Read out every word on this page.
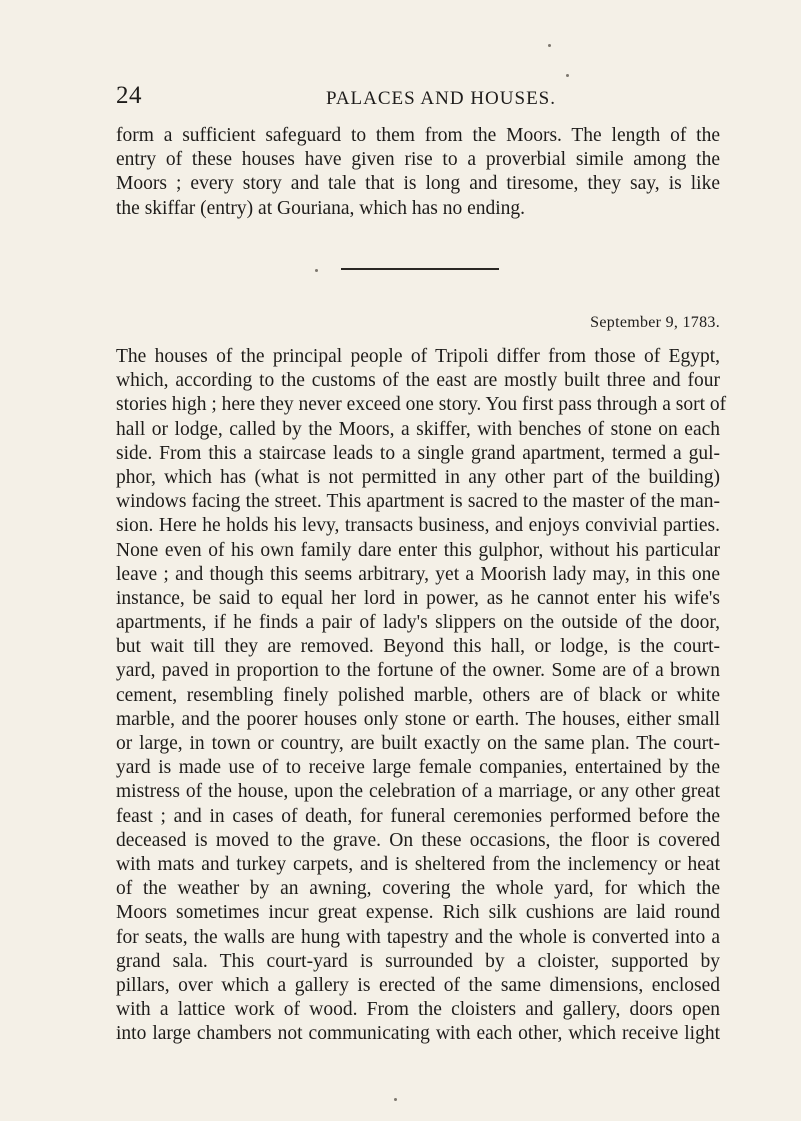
24	PALACES AND HOUSES.
form a sufficient safeguard to them from the Moors. The length of the
entry of these houses have given rise to a proverbial simile among the
Moors ; every story and tale that is long and tiresome, they say, is like
the skiffar (entry) at Gouriana, which has no ending.
September 9, 1783.
The houses of the principal people of Tripoli differ from those of Egypt,
which, according to the customs of the east are mostly built three and four
stories high ; here they never exceed one story. You first pass through a sort of
hall or lodge, called by the Moors, a skiffer, with benches of stone on each
side. From this a staircase leads to a single grand apartment, termed a gul-
phor, which has (what is not permitted in any other part of the building)
windows facing the street. This apartment is sacred to the master of the man-
sion. Here he holds his levy, transacts business, and enjoys convivial parties.
None even of his own family dare enter this gulphor, without his particular
leave ; and though this seems arbitrary, yet a Moorish lady may, in this one
instance, be said to equal her lord in power, as he cannot enter his wife's
apartments, if he finds a pair of lady's slippers on the outside of the door,
but wait till they are removed. Beyond this hall, or lodge, is the court-
yard, paved in proportion to the fortune of the owner. Some are of a brown
cement, resembling finely polished marble, others are of black or white
marble, and the poorer houses only stone or earth. The houses, either small
or large, in town or country, are built exactly on the same plan. The court-
yard is made use of to receive large female companies, entertained by the
mistress of the house, upon the celebration of a marriage, or any other great
feast ; and in cases of death, for funeral ceremonies performed before the
deceased is moved to the grave. On these occasions, the floor is covered
with mats and turkey carpets, and is sheltered from the inclemency or heat
of the weather by an awning, covering the whole yard, for which the
Moors sometimes incur great expense. Rich silk cushions are laid round
for seats, the walls are hung with tapestry and the whole is converted into a
grand sala. This court-yard is surrounded by a cloister, supported by
pillars, over which a gallery is erected of the same dimensions, enclosed
with a lattice work of wood. From the cloisters and gallery, doors open
into large chambers not communicating with each other, which receive light
